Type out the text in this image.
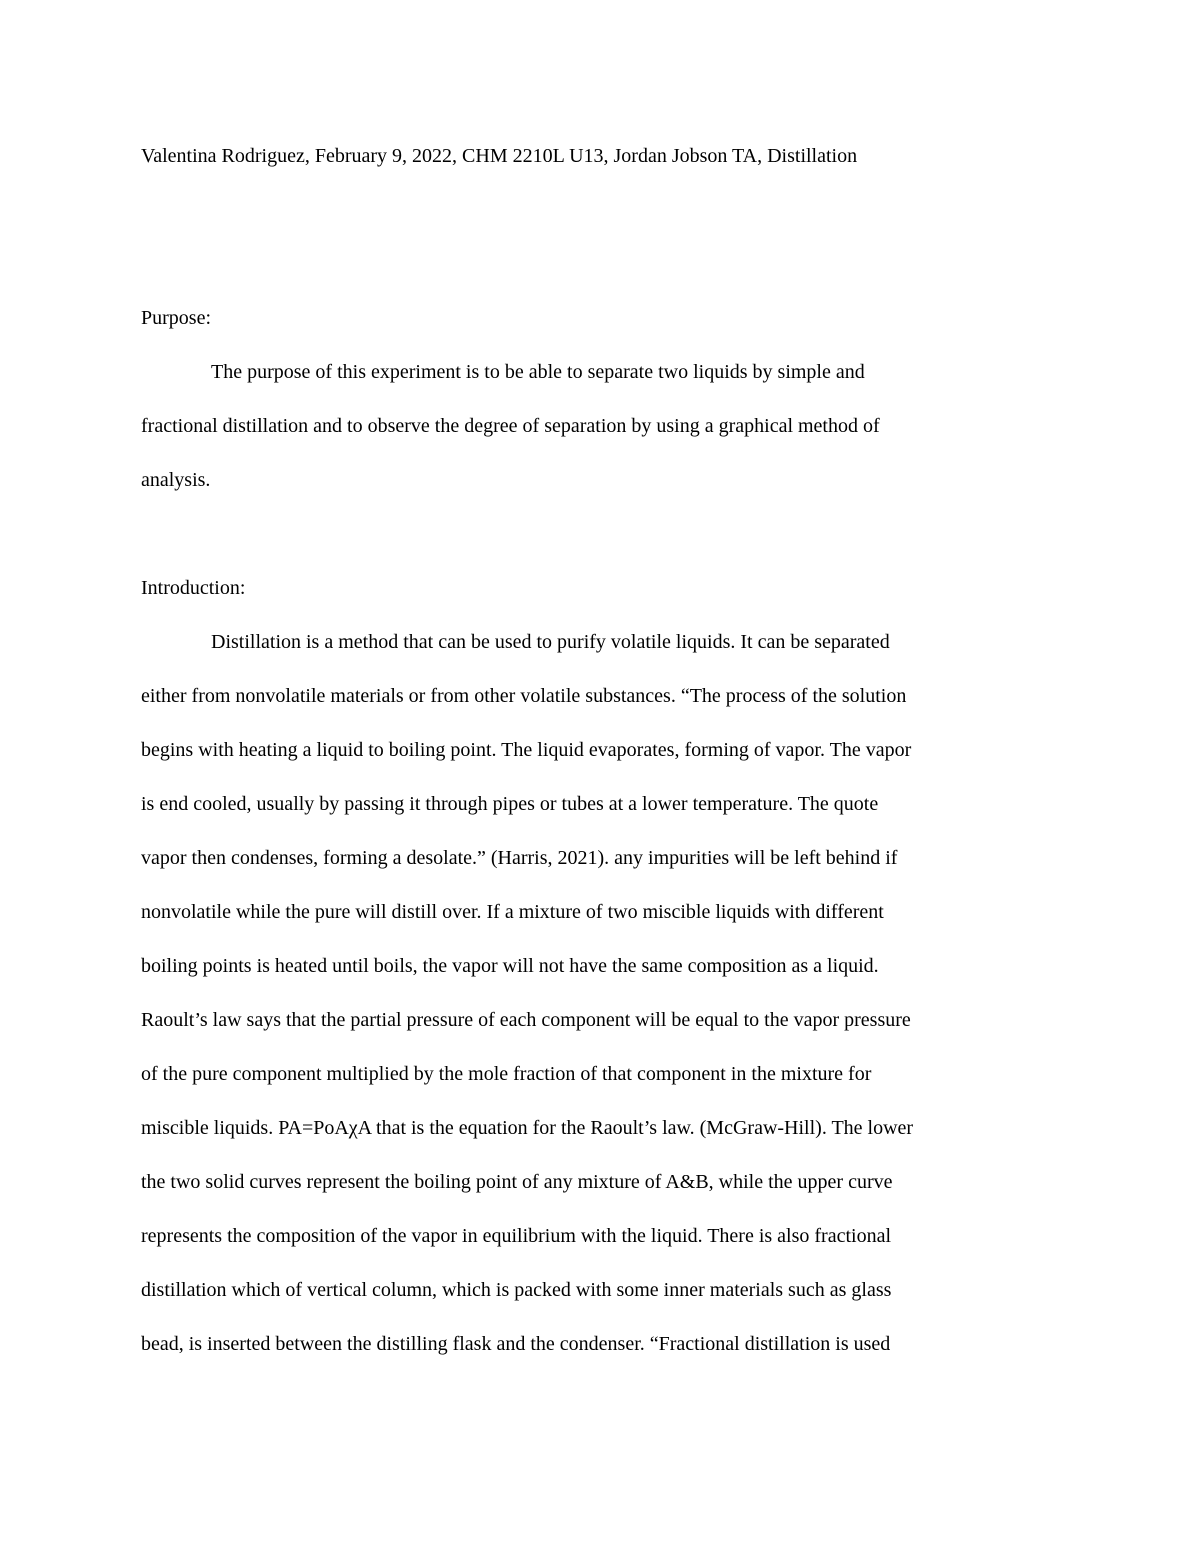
Valentina Rodriguez, February 9, 2022, CHM 2210L U13, Jordan Jobson TA, Distillation
Purpose:
The purpose of this experiment is to be able to separate two liquids by simple and
fractional distillation and to observe the degree of separation by using a graphical method of
analysis.
Introduction:
Distillation is a method that can be used to purify volatile liquids. It can be separated
either from nonvolatile materials or from other volatile substances. “The process of the solution
begins with heating a liquid to boiling point. The liquid evaporates, forming of vapor. The vapor
is end cooled, usually by passing it through pipes or tubes at a lower temperature. The quote
vapor then condenses, forming a desolate.” (Harris, 2021). any impurities will be left behind if
nonvolatile while the pure will distill over. If a mixture of two miscible liquids with different
boiling points is heated until boils, the vapor will not have the same composition as a liquid.
Raoult’s law says that the partial pressure of each component will be equal to the vapor pressure
of the pure component multiplied by the mole fraction of that component in the mixture for
miscible liquids. PA=PoAχA that is the equation for the Raoult’s law. (McGraw-Hill). The lower
the two solid curves represent the boiling point of any mixture of A&B, while the upper curve
represents the composition of the vapor in equilibrium with the liquid. There is also fractional
distillation which of vertical column, which is packed with some inner materials such as glass
bead, is inserted between the distilling flask and the condenser. “Fractional distillation is used
